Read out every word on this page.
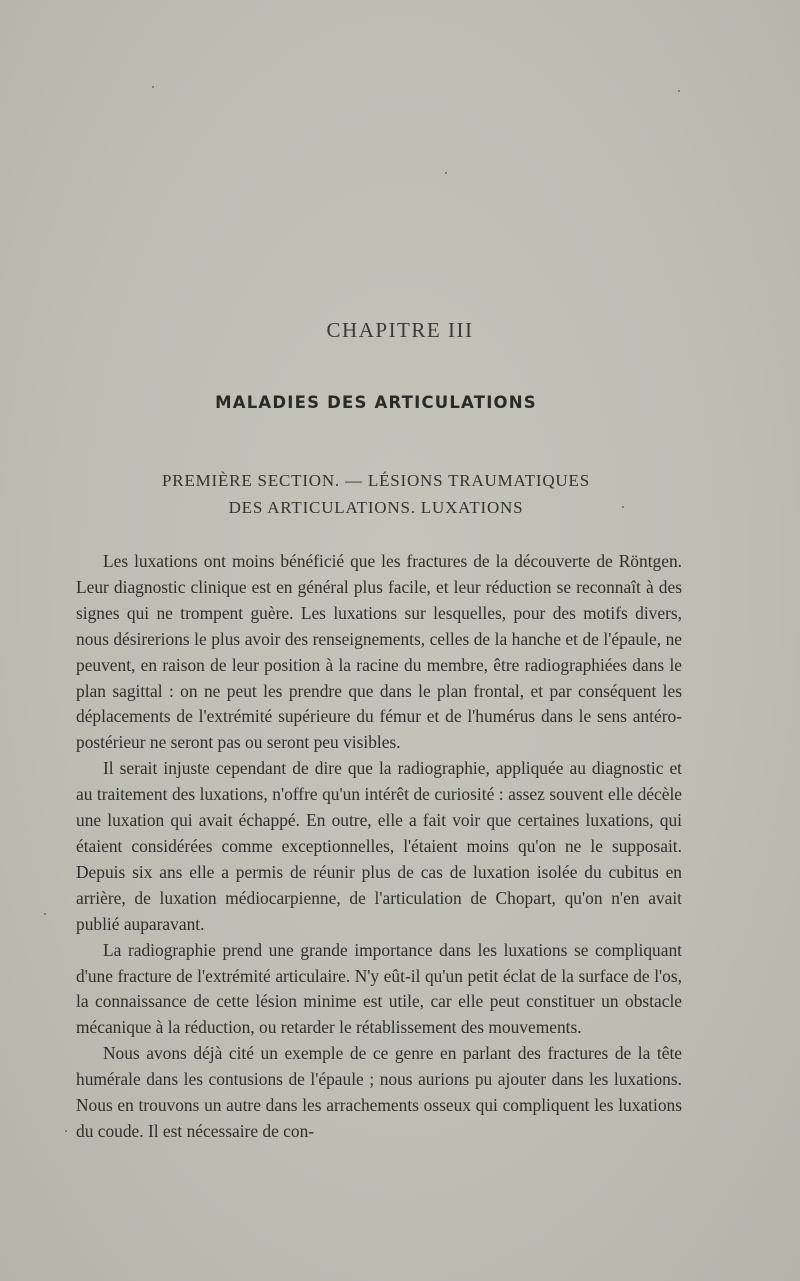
CHAPITRE III
MALADIES DES ARTICULATIONS
PREMIÈRE SECTION. — LÉSIONS TRAUMATIQUES
DES ARTICULATIONS. LUXATIONS

Les luxations ont moins bénéficié que les fractures de la découverte de Röntgen. Leur diagnostic clinique est en général plus facile, et leur réduction se reconnaît à des signes qui ne trompent guère. Les luxations sur lesquelles, pour des motifs divers, nous désirerions le plus avoir des renseignements, celles de la hanche et de l'épaule, ne peuvent, en raison de leur position à la racine du membre, être radiographiées dans le plan sagittal : on ne peut les prendre que dans le plan frontal, et par conséquent les déplacements de l'extrémité supérieure du fémur et de l'humérus dans le sens antéro-postérieur ne seront pas ou seront peu visibles.

Il serait injuste cependant de dire que la radiographie, appliquée au diagnostic et au traitement des luxations, n'offre qu'un intérêt de curiosité : assez souvent elle décèle une luxation qui avait échappé. En outre, elle a fait voir que certaines luxations, qui étaient considérées comme exceptionnelles, l'étaient moins qu'on ne le supposait. Depuis six ans elle a permis de réunir plus de cas de luxation isolée du cubitus en arrière, de luxation médiocarpienne, de l'articulation de Chopart, qu'on n'en avait publié auparavant.

La radiographie prend une grande importance dans les luxations se compliquant d'une fracture de l'extrémité articulaire. N'y eût-il qu'un petit éclat de la surface de l'os, la connaissance de cette lésion minime est utile, car elle peut constituer un obstacle mécanique à la réduction, ou retarder le rétablissement des mouvements.

Nous avons déjà cité un exemple de ce genre en parlant des fractures de la tête humérale dans les contusions de l'épaule ; nous aurions pu ajouter dans les luxations. Nous en trouvons un autre dans les arrachements osseux qui compliquent les luxations du coude. Il est nécessaire de con-
